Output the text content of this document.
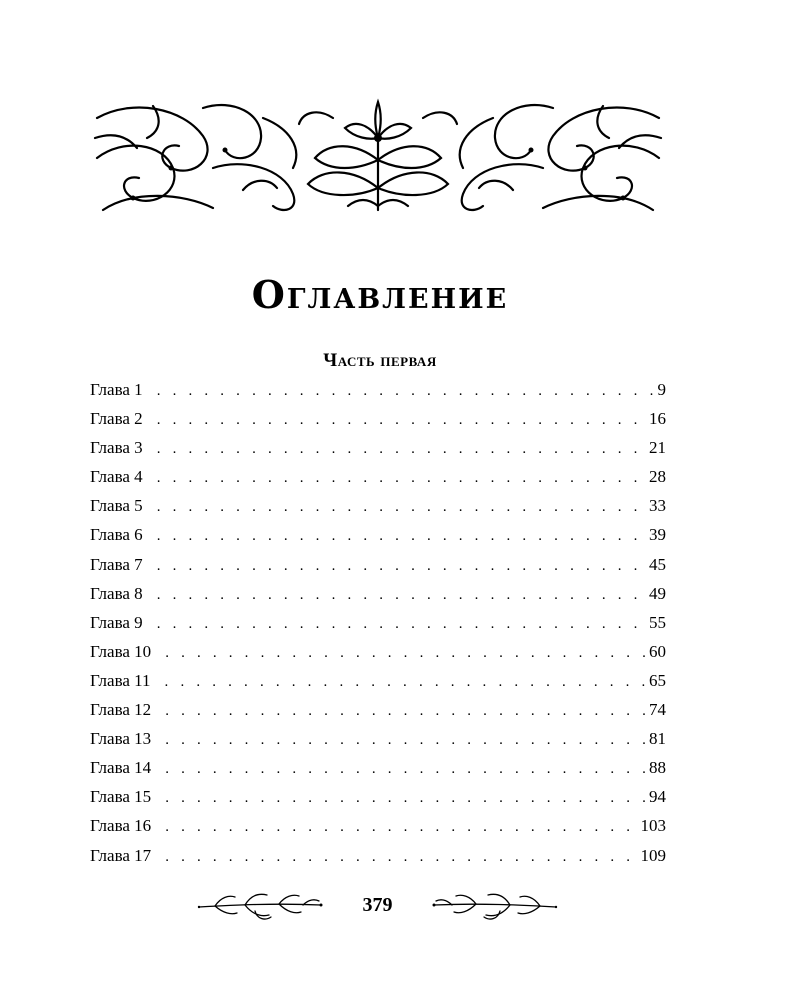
Оглавление
Часть первая
Глава 1 . . .	9
Глава 2 . . .	16
Глава 3 . . .	21
Глава 4 . . .	28
Глава 5 . . .	33
Глава 6 . . .	39
Глава 7 . . .	45
Глава 8 . . .	49
Глава 9 . . .	55
Глава 10 . . .	60
Глава 11 . . .	65
Глава 12 . . .	74
Глава 13 . . .	81
Глава 14 . . .	88
Глава 15 . . .	94
Глава 16 . . .	103
Глава 17 . . .	109
379
